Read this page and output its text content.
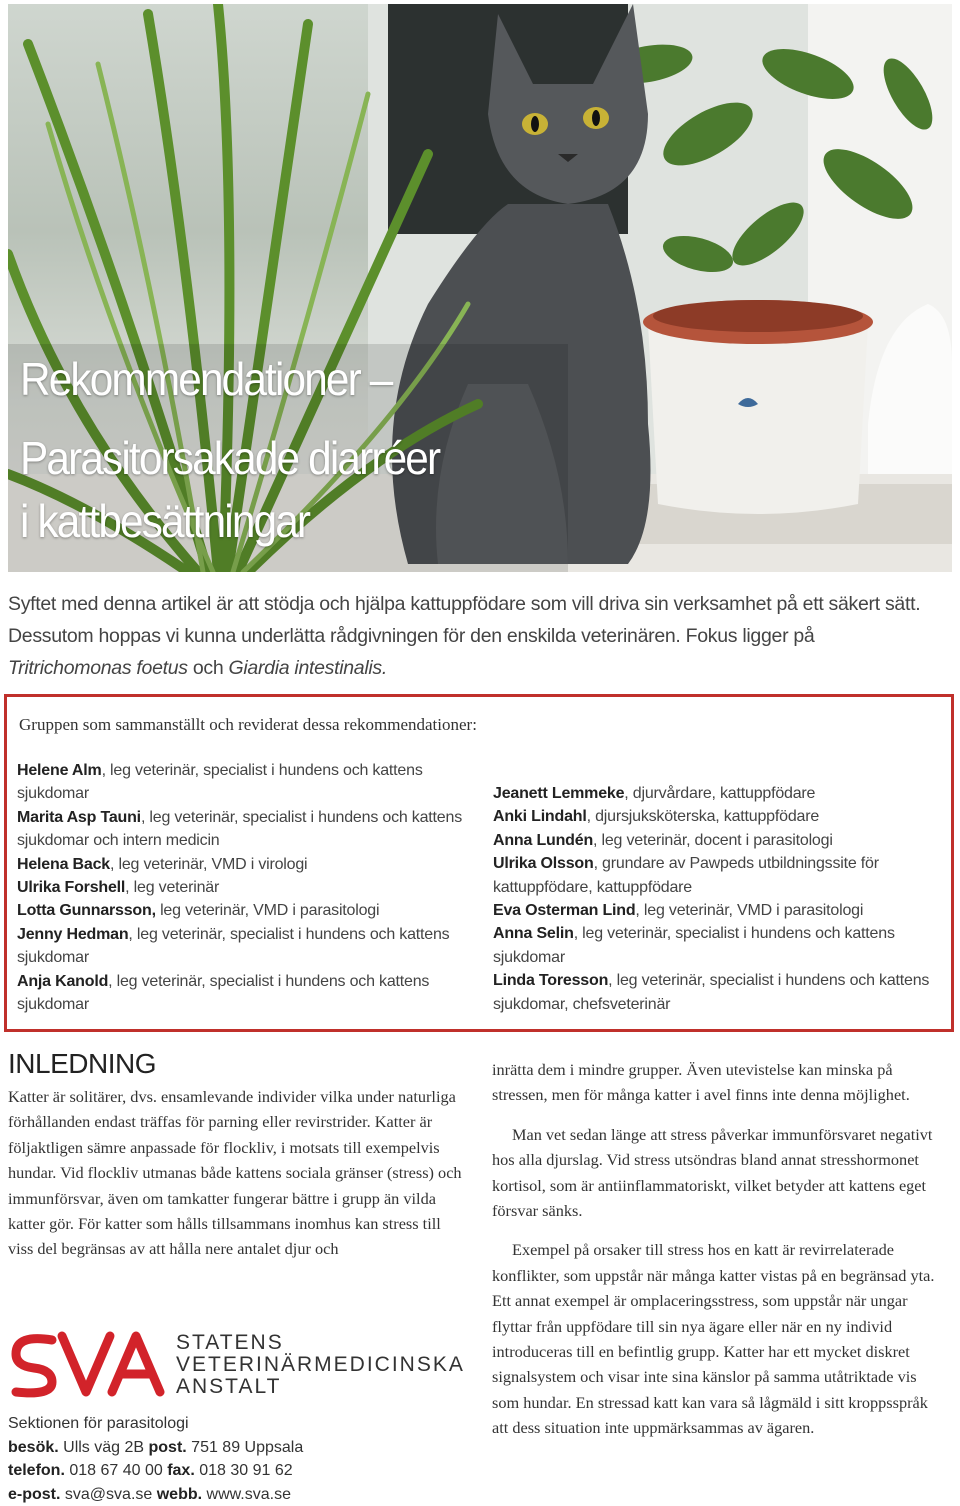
Rekommendationer –
Parasitorsakade diarréer
i kattbesättningar

Syftet med denna artikel är att stödja och hjälpa kattuppfödare som vill driva sin verksamhet på ett säkert sätt. Dessutom hoppas vi kunna underlätta rådgivningen för den enskilda veterinären. Fokus ligger på Tritrichomonas foetus och Giardia intestinalis.

Gruppen som sammanställt och reviderat dessa rekommendationer:
Helene Alm, leg veterinär, specialist i hundens och kattens sjukdomar
Marita Asp Tauni, leg veterinär, specialist i hundens och kattens sjukdomar och intern medicin
Helena Back, leg veterinär, VMD i virologi
Ulrika Forshell, leg veterinär
Lotta Gunnarsson, leg veterinär, VMD i parasitologi
Jenny Hedman, leg veterinär, specialist i hundens och kattens sjukdomar
Anja Kanold, leg veterinär, specialist i hundens och kattens sjukdomar
Jeanett Lemmeke, djurvårdare, kattuppfödare
Anki Lindahl, djursjuksköterska, kattuppfödare
Anna Lundén, leg veterinär, docent i parasitologi
Ulrika Olsson, grundare av Pawpeds utbildningssite för kattuppfödare, kattuppfödare
Eva Osterman Lind, leg veterinär, VMD i parasitologi
Anna Selin, leg veterinär, specialist i hundens och kattens sjukdomar
Linda Toresson, leg veterinär, specialist i hundens och kattens sjukdomar, chefsveterinär
INLEDNING

Katter är solitärer, dvs. ensamlevande individer vilka under naturliga förhållanden endast träffas för parning eller revirstrider. Katter är följaktligen sämre anpassade för flockliv, i motsats till exempelvis hundar. Vid flockliv utmanas både kattens sociala gränser (stress) och immunförsvar, även om tamkatter fungerar bättre i grupp än vilda katter gör. För katter som hålls tillsammans inomhus kan stress till viss del begränsas av att hålla nere antalet djur och

inrätta dem i mindre grupper. Även utevistelse kan minska på stressen, men för många katter i avel finns inte denna möjlighet.

Man vet sedan länge att stress påverkar immunförsvaret negativt hos alla djurslag. Vid stress utsöndras bland annat stresshormonet kortisol, som är antiinflammatoriskt, vilket betyder att kattens eget försvar sänks.

Exempel på orsaker till stress hos en katt är revirrelaterade konflikter, som uppstår när många katter vistas på en begränsad yta. Ett annat exempel är omplaceringsstress, som uppstår när ungar flyttar från uppfödare till sin nya ägare eller när en ny individ introduceras till en befintlig grupp. Katter har ett mycket diskret signalsystem och visar inte sina känslor på samma utåtriktade vis som hundar. En stressad katt kan vara så lågmäld i sitt kroppsspråk att dess situation inte uppmärksammas av ägaren.

STATENS
VETERINÄRMEDICINSKA
ANSTALT
Sektionen för parasitologi
besök. Ulls väg 2B post. 751 89 Uppsala
telefon. 018 67 40 00 fax. 018 30 91 62
e-post. sva@sva.se webb. www.sva.se
